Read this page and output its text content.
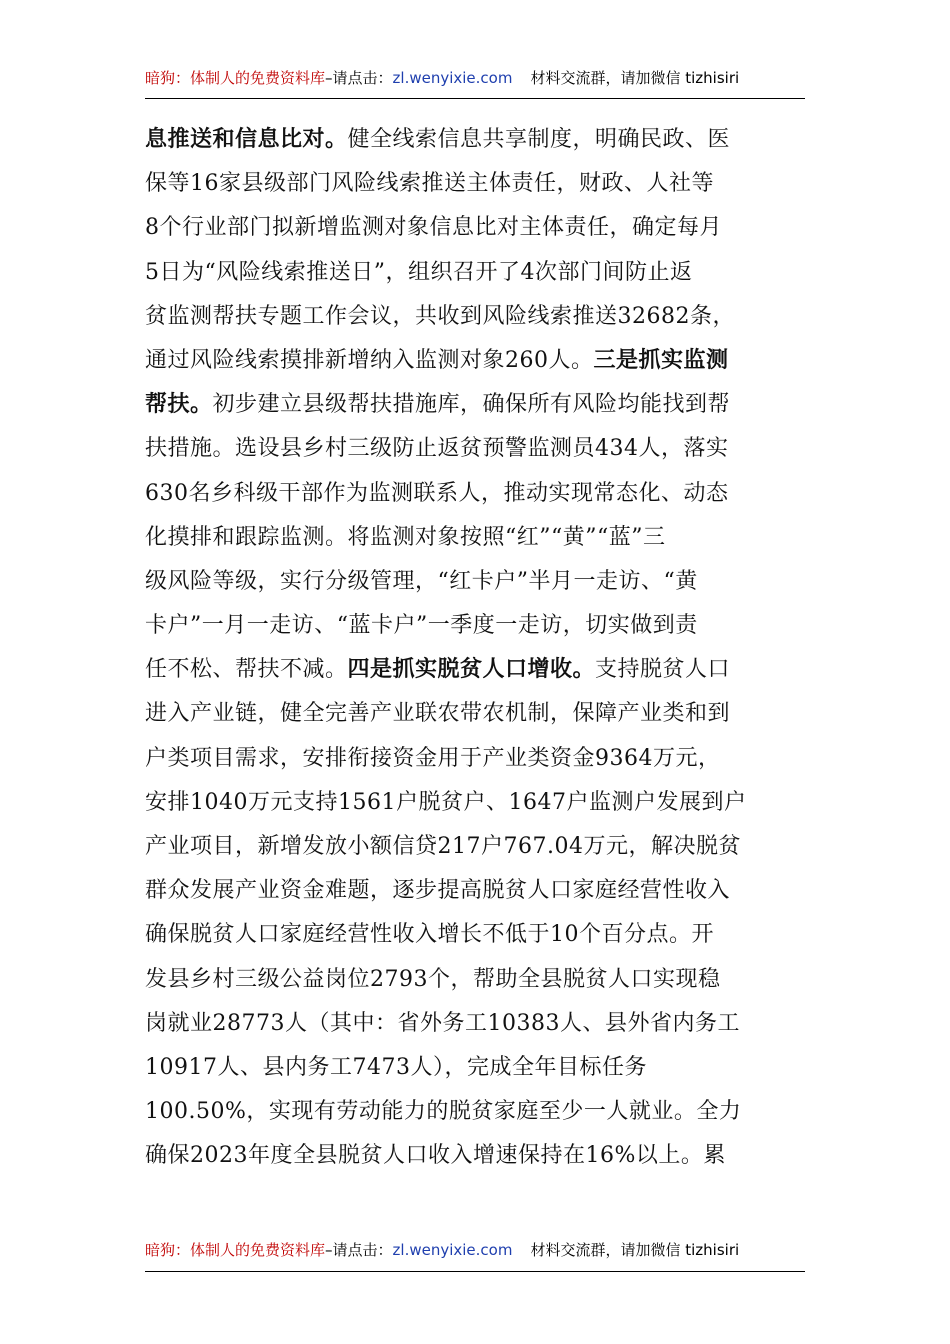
暗狗：体制人的免费资料库–请点击：zl.wenyixie.com 材料交流群，请加微信 tizhisiri
息推送和信息比对。健全线索信息共享制度，明确民政、医
保等16家县级部门风险线索推送主体责任，财政、人社等
8个行业部门拟新增监测对象信息比对主体责任，确定每月
5日为“风险线索推送日”，组织召开了4次部门间防止返
贫监测帮扶专题工作会议，共收到风险线索推送32682条，
通过风险线索摸排新增纳入监测对象260人。三是抓实监测
帮扶。初步建立县级帮扶措施库，确保所有风险均能找到帮
扶措施。选设县乡村三级防止返贫预警监测员434人，落实
630名乡科级干部作为监测联系人，推动实现常态化、动态
化摸排和跟踪监测。将监测对象按照“红”“黄”“蓝”三
级风险等级，实行分级管理，“红卡户”半月一走访、“黄
卡户”一月一走访、“蓝卡户”一季度一走访，切实做到责
任不松、帮扶不减。四是抓实脱贫人口增收。支持脱贫人口
进入产业链，健全完善产业联农带农机制，保障产业类和到
户类项目需求，安排衔接资金用于产业类资金9364万元，
安排1040万元支持1561户脱贫户、1647户监测户发展到户
产业项目，新增发放小额信贷217户767.04万元，解决脱贫
群众发展产业资金难题，逐步提高脱贫人口家庭经营性收入
确保脱贫人口家庭经营性收入增长不低于10个百分点。开
发县乡村三级公益岗位2793个，帮助全县脱贫人口实现稳
岗就业28773人（其中：省外务工10383人、县外省内务工
10917人、县内务工7473人），完成全年目标任务
100.50%，实现有劳动能力的脱贫家庭至少一人就业。全力
确保2023年度全县脱贫人口收入增速保持在16%以上。累
暗狗：体制人的免费资料库–请点击：zl.wenyixie.com 材料交流群，请加微信 tizhisiri
